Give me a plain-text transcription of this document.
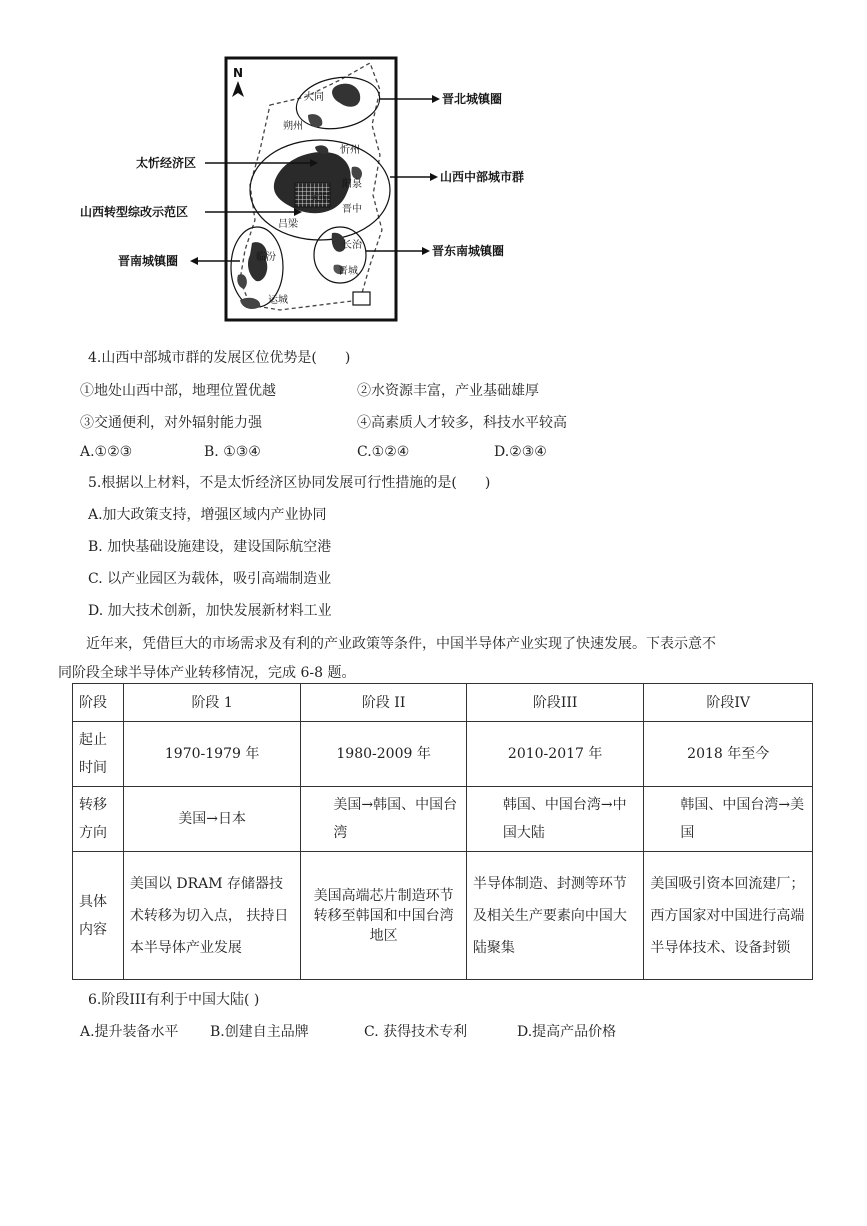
N
大同
朔州
忻州
阳泉
太原
晋中
吕梁
临汾
长治
晋城
运城
晋北城镇圈
山西中部城市群
太忻经济区
山西转型综改示范区
晋南城镇圈
晋东南城镇圈
4.山西中部城市群的发展区位优势是(　　)
①地处山西中部，地理位置优越	②水资源丰富，产业基础雄厚
③交通便利，对外辐射能力强	④高素质人才较多，科技水平较高
A.①②③	B. ①③④	C.①②④	D.②③④
5.根据以上材料，不是太忻经济区协同发展可行性措施的是(　　)
A.加大政策支持，增强区域内产业协同
B. 加快基础设施建设，建设国际航空港
C. 以产业园区为载体，吸引高端制造业
D. 加大技术创新，加快发展新材料工业
近年来，凭借巨大的市场需求及有利的产业政策等条件，中国半导体产业实现了快速发展。下表示意不
同阶段全球半导体产业转移情况，完成 6-8 题。
阶段	阶段 1	阶段 II	阶段III	阶段IV
起止时间	1970-1979 年	1980-2009 年	2010-2017 年	2018 年至今
转移方向	美国→日本	美国→韩国、中国台湾	韩国、中国台湾→中国大陆	韩国、中国台湾→美国
具体内容	美国以 DRAM 存储器技术转移为切入点， 扶持日本半导体产业发展	美国高端芯片制造环节转移至韩国和中国台湾地区	半导体制造、封测等环节及相关生产要素向中国大陆聚集	美国吸引资本回流建厂；西方国家对中国进行高端半导体技术、设备封锁
6.阶段III有利于中国大陆( )
A.提升装备水平 B.创建自主品牌	C. 获得技术专利	D.提高产品价格
